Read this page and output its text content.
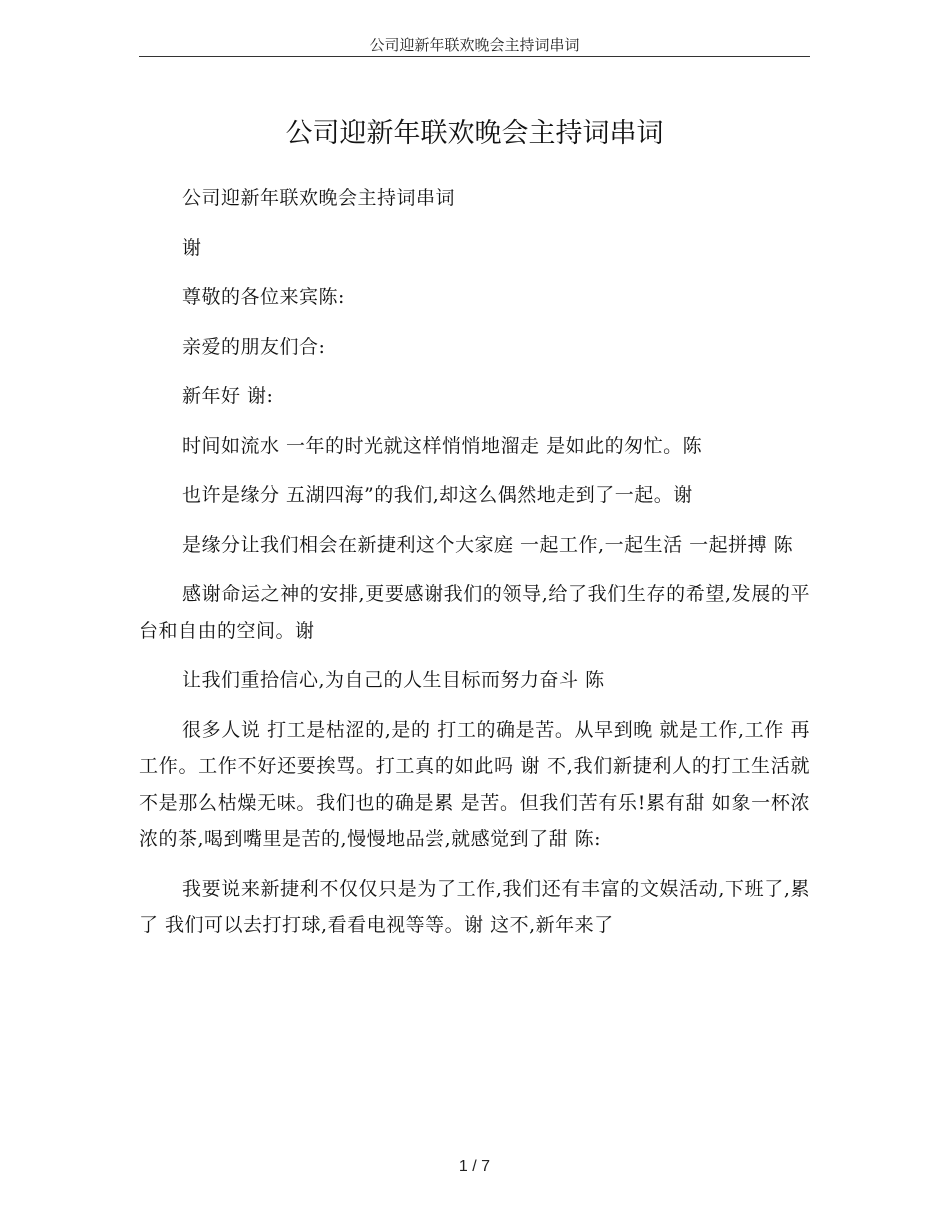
公司迎新年联欢晚会主持词串词
公司迎新年联欢晚会主持词串词

公司迎新年联欢晚会主持词串词

谢

尊敬的各位来宾陈:

亲爱的朋友们合:

新年好 谢:

时间如流水 一年的时光就这样悄悄地溜走 是如此的匆忙。陈

也许是缘分 五湖四海”的我们,却这么偶然地走到了一起。谢

是缘分让我们相会在新捷利这个大家庭 一起工作,一起生活 一起拼搏 陈

感谢命运之神的安排,更要感谢我们的领导,给了我们生存的希望,发展的平台和自由的空间。谢

让我们重拾信心,为自己的人生目标而努力奋斗 陈

很多人说 打工是枯涩的,是的 打工的确是苦。从早到晚 就是工作,工作 再工作。工作不好还要挨骂。打工真的如此吗 谢 不,我们新捷利人的打工生活就不是那么枯燥无味。我们也的确是累 是苦。但我们苦有乐!累有甜 如象一杯浓浓的茶,喝到嘴里是苦的,慢慢地品尝,就感觉到了甜 陈:

我要说来新捷利不仅仅只是为了工作,我们还有丰富的文娱活动,下班了,累了 我们可以去打打球,看看电视等等。谢 这不,新年来了

1 / 7
